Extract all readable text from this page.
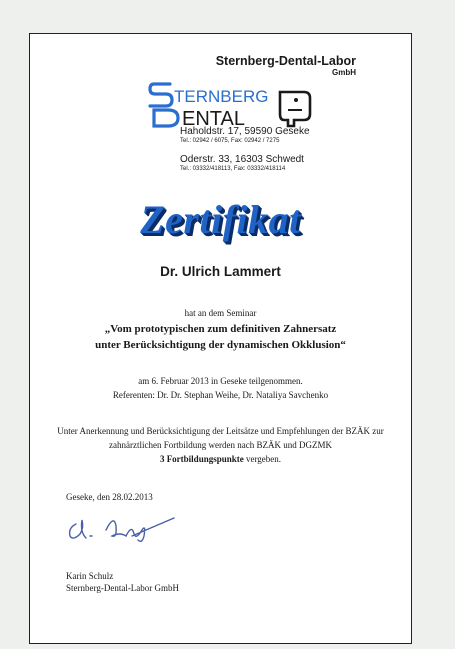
Sternberg-Dental-Labor
GmbH
TERNBERG
ENTAL
Haholdstr. 17, 59590 Geseke
Tel.: 02942 / 6075, Fax: 02942 / 7275
Oderstr. 33, 16303 Schwedt
Tel.: 03332/418113, Fax: 03332/418114
Zertifikat
Dr. Ulrich Lammert
hat an dem Seminar
„Vom prototypischen zum definitiven Zahnersatz
unter Berücksichtigung der dynamischen Okklusion“
am 6. Februar 2013 in Geseke teilgenommen.
Referenten: Dr. Dr. Stephan Weihe, Dr. Nataliya Savchenko
Unter Anerkennung und Berücksichtigung der Leitsätze und Empfehlungen der BZÄK zur
zahnärztlichen Fortbildung werden nach BZÄK und DGZMK
3 Fortbildungspunkte vergeben.
Geseke, den 28.02.2013
Karin Schulz
Sternberg-Dental-Labor GmbH
